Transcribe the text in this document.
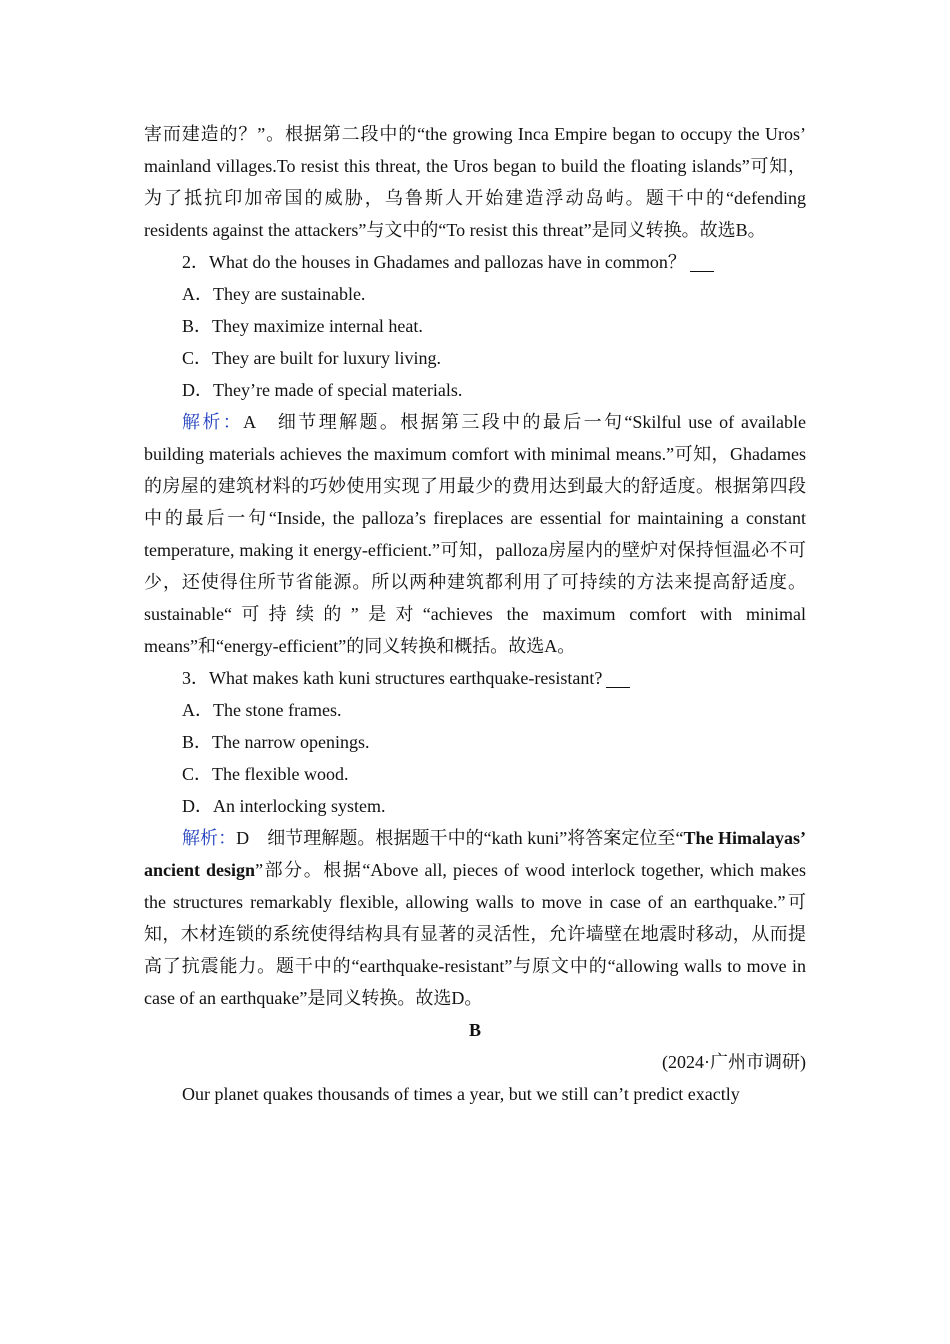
害而建造的？”。根据第二段中的“the growing Inca Empire began to occupy the Uros’ mainland villages.To resist this threat, the Uros began to build the floating islands”可知，为了抵抗印加帝国的威胁，乌鲁斯人开始建造浮动岛屿。题干中的“defending residents against the attackers”与文中的“To resist this threat”是同义转换。故选B。

2．What do the houses in Ghadames and pallozas have in common？

A．They are sustainable.

B．They maximize internal heat.

C．They are built for luxury living.

D．They’re made of special materials.

解析：A　细节理解题。根据第三段中的最后一句“Skilful use of available building materials achieves the maximum comfort with minimal means.”可知，Ghadames的房屋的建筑材料的巧妙使用实现了用最少的费用达到最大的舒适度。根据第四段中的最后一句“Inside, the palloza’s fireplaces are essential for maintaining a constant temperature, making it energy-efficient.”可知，palloza房屋内的壁炉对保持恒温必不可少，还使得住所节省能源。所以两种建筑都利用了可持续的方法来提高舒适度。sustainable“可持续的”是对“achieves the maximum comfort with minimal means”和“energy-efficient”的同义转换和概括。故选A。

3．What makes kath kuni structures earthquake-resistant?

A．The stone frames.

B．The narrow openings.

C．The flexible wood.

D．An interlocking system.

解析：D　细节理解题。根据题干中的“kath kuni”将答案定位至“The Himalayas’ ancient design”部分。根据“Above all, pieces of wood interlock together, which makes the structures remarkably flexible, allowing walls to move in case of an earthquake.”可知，木材连锁的系统使得结构具有显著的灵活性，允许墙壁在地震时移动，从而提高了抗震能力。题干中的“earthquake-resistant”与原文中的“allowing walls to move in case of an earthquake”是同义转换。故选D。

B

(2024·广州市调研)

Our planet quakes thousands of times a year, but we still can’t predict exactly
